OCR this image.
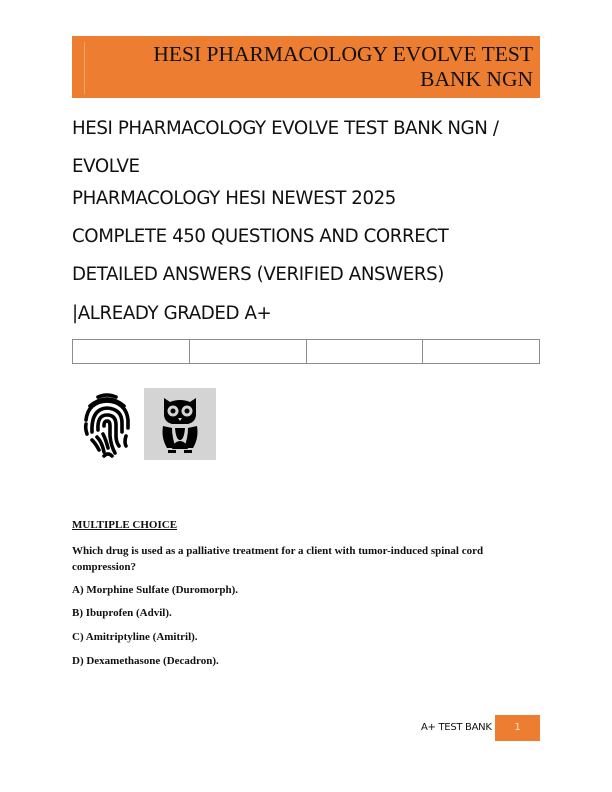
HESI PHARMACOLOGY EVOLVE TEST
BANK NGN
HESI PHARMACOLOGY EVOLVE TEST BANK NGN / EVOLVE
PHARMACOLOGY HESI NEWEST 2025
COMPLETE 450 QUESTIONS AND CORRECT
DETAILED ANSWERS (VERIFIED ANSWERS)
|ALREADY GRADED A+

MULTIPLE CHOICE
Which drug is used as a palliative treatment for a client with tumor-induced spinal cord compression?
A) Morphine Sulfate (Duromorph).
B) Ibuprofen (Advil).
C) Amitriptyline (Amitril).
D) Dexamethasone (Decadron).
A+ TEST BANK	1
